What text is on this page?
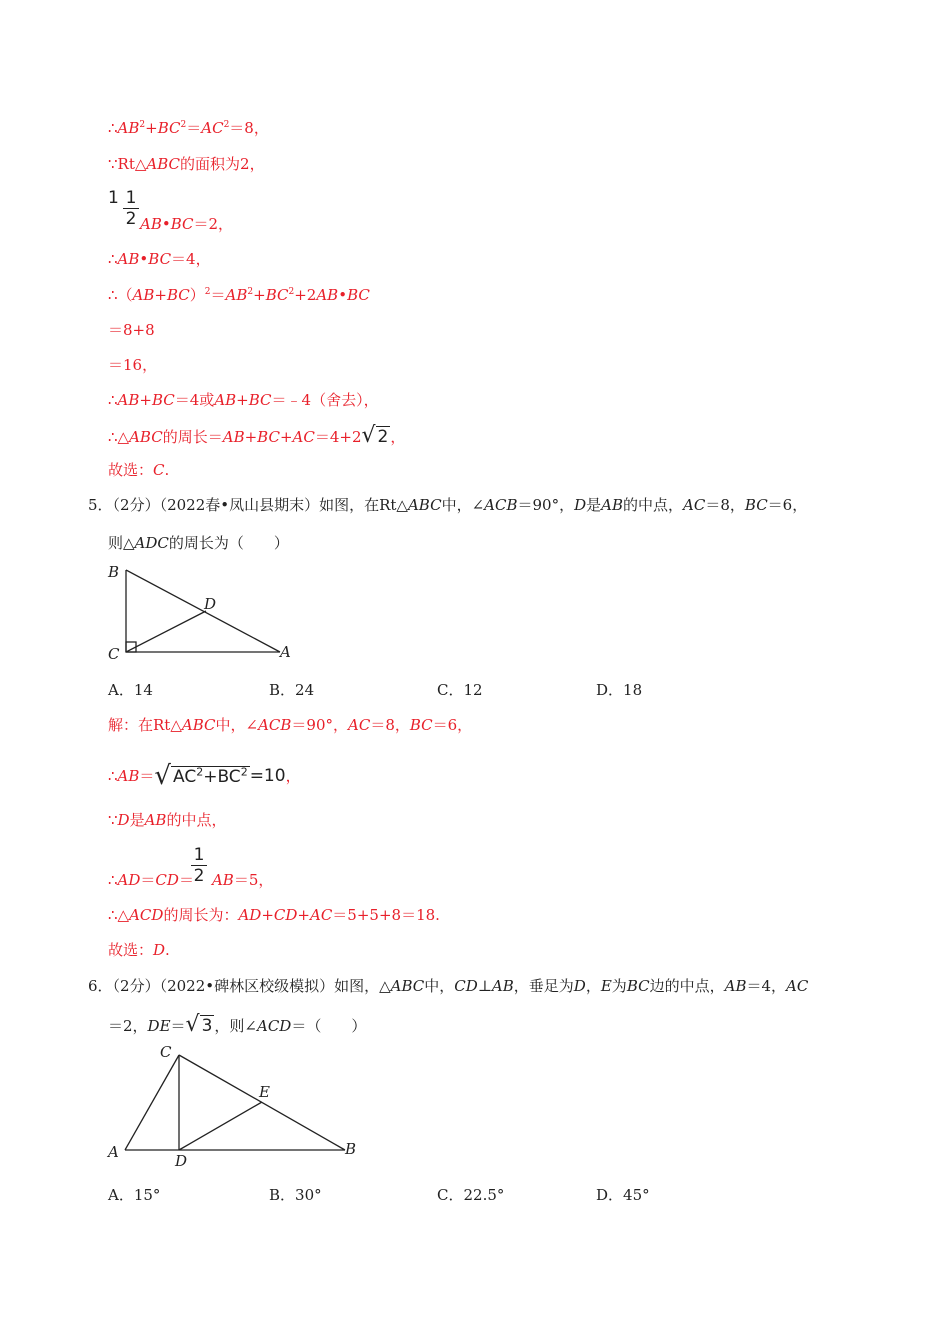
$\therefore AB^2+BC^2=AC^2=8$，
∵Rt△ABC的面积为2，
1 1
2 AB•BC＝2，
∴AB•BC＝4，
$\therefore(AB+BC)^2=AB^2+BC^2+2AB•BC$
＝8+8
＝16，
∴AB+BC＝4或AB+BC＝﹣4（舍去），
∴△ABC的周长＝AB+BC+AC＝4+2 √ 2 ，
故选：C.
5．（2分）（2022春•凤山县期末）如图，在Rt△ABC中，∠ACB＝90°，D是AB的中点，AC＝8，BC＝6，
则△ADC的周长为（　　）
B
D
C	A
A．14	B．24	C．12	D．18
解：在Rt△ABC中，∠ACB＝90°，AC＝8，BC＝6，
∴AB＝ √ $AC^2+BC^2 =10$，
∵D是AB的中点，
∴AD＝CD＝ AB＝5，
1
2
∴△ACD的周长为：AD+CD+AC＝5+5+8＝18.
故选：D.
6．（2分）（2022•碑林区校级模拟）如图，△ABC中，CD⊥AB，垂足为D，E为BC边的中点，AB＝4，AC
＝2，DE＝ √ 3 ，则∠ACD＝（　　）
C
E
A	D
B
A．15°	B．30°	C．22.5°	D．45°
